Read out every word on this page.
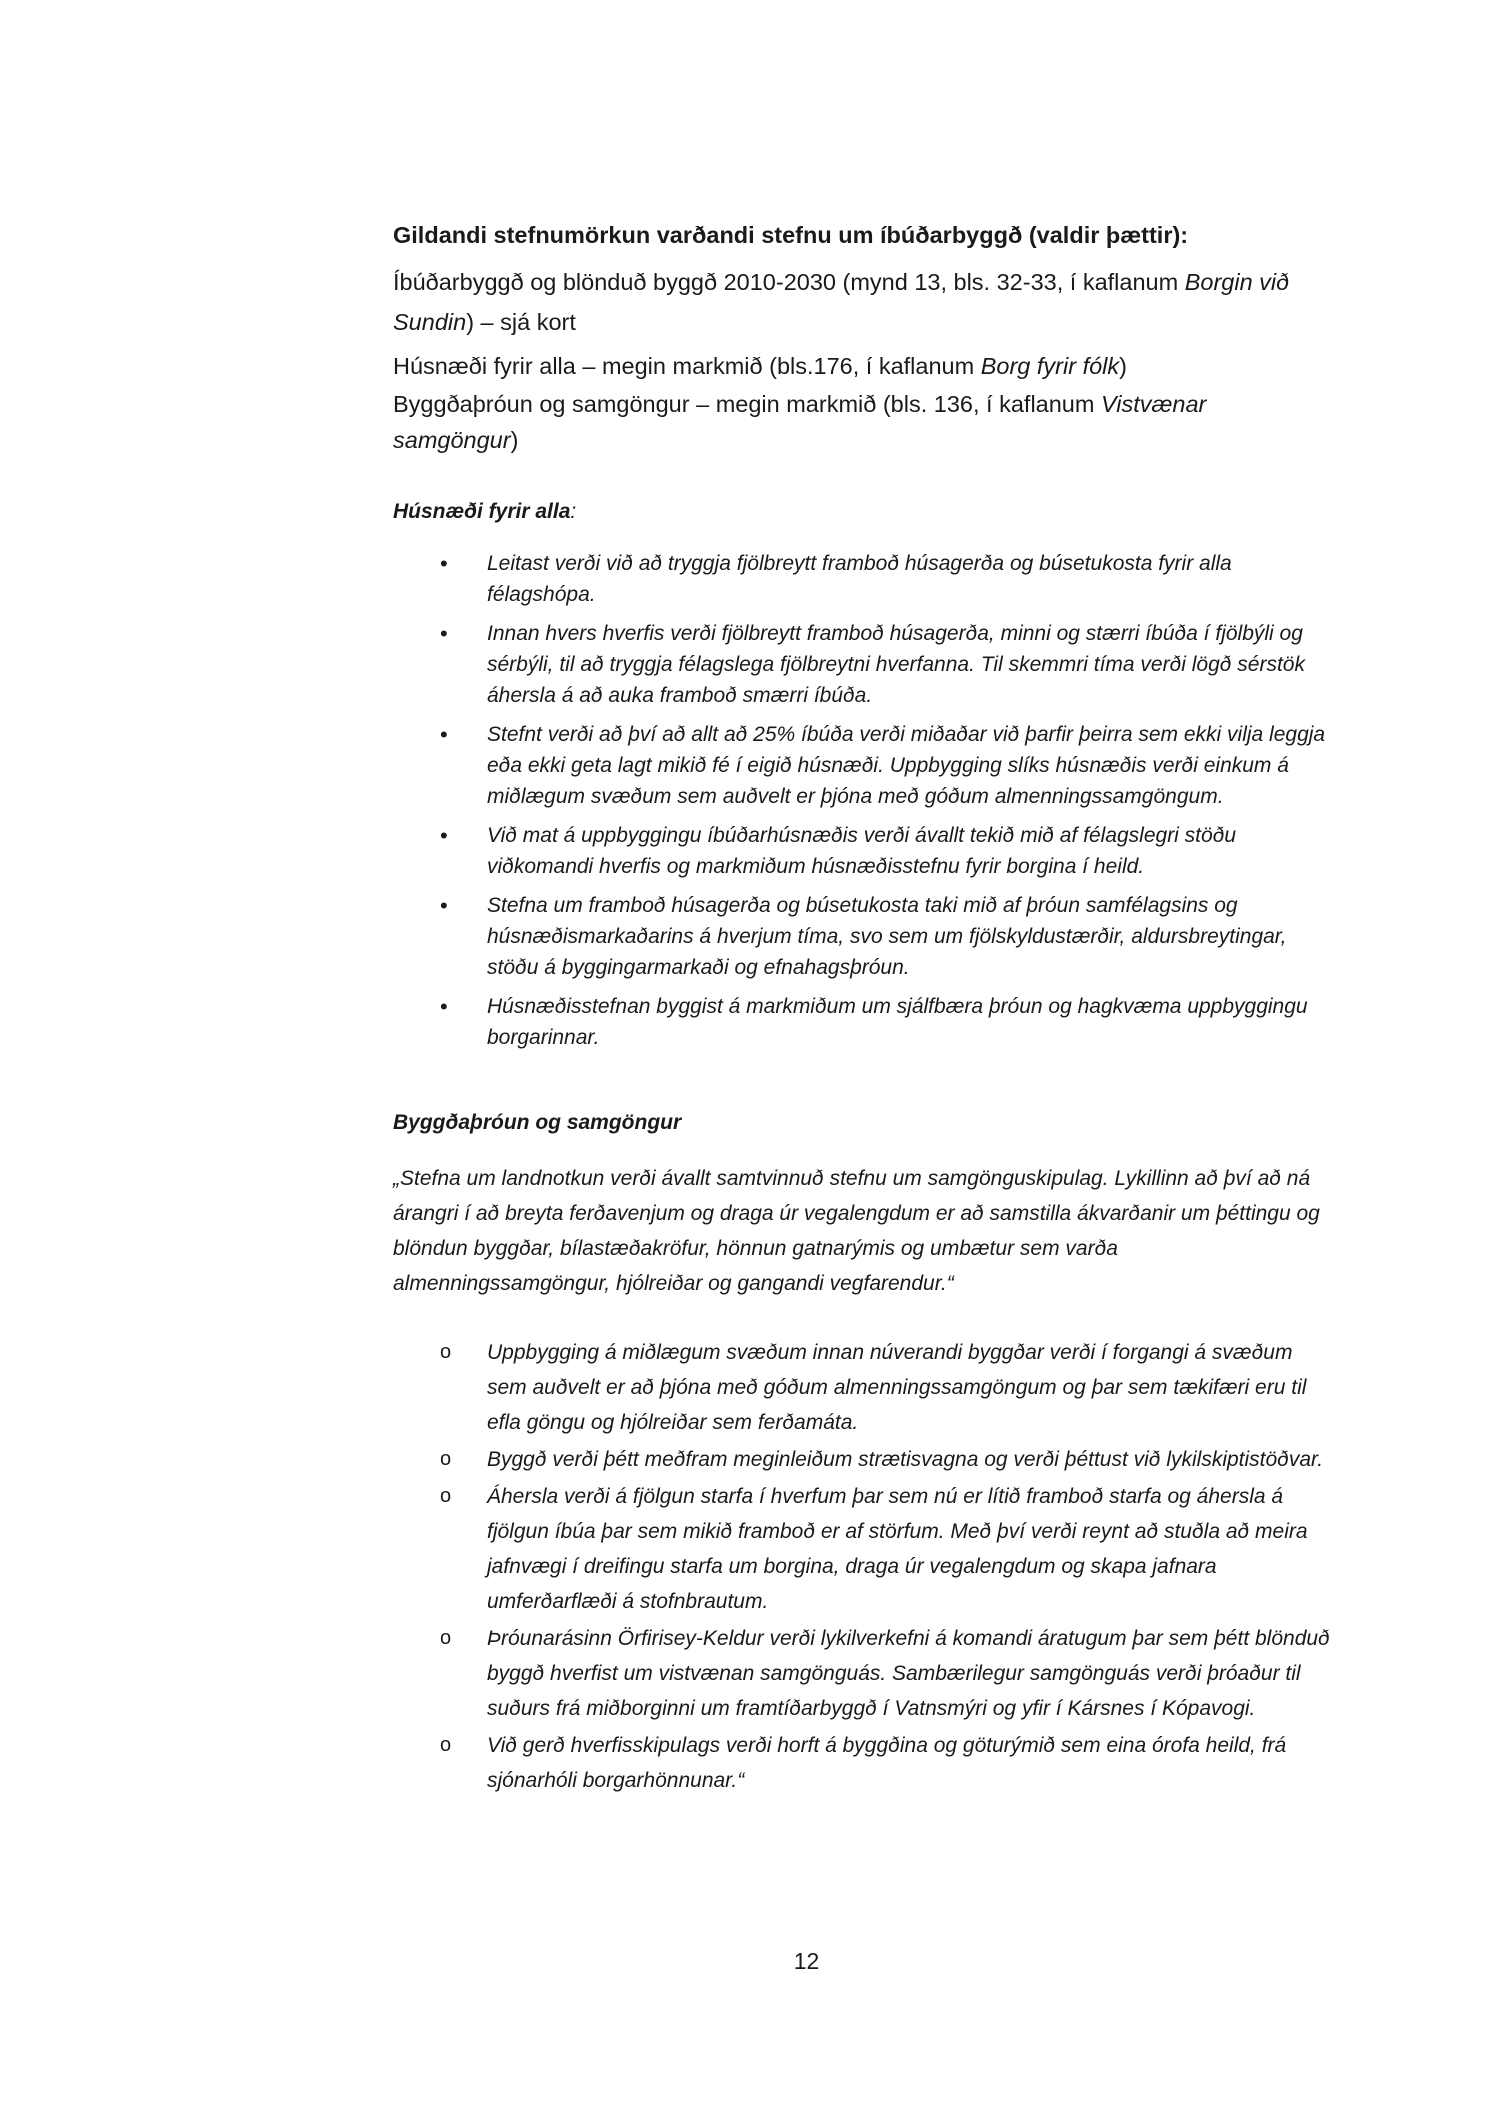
Gildandi stefnumörkun varðandi stefnu um íbúðarbyggð (valdir þættir):

Íbúðarbyggð og blönduð byggð 2010-2030 (mynd 13, bls. 32-33, í kaflanum Borgin við Sundin) – sjá kort

Húsnæði fyrir alla – megin markmið (bls.176, í kaflanum Borg fyrir fólk)

Byggðaþróun og samgöngur – megin markmið (bls. 136, í kaflanum Vistvænar samgöngur)

Húsnæði fyrir alla:

• Leitast verði við að tryggja fjölbreytt framboð húsagerða og búsetukosta fyrir alla félagshópa.
• Innan hvers hverfis verði fjölbreytt framboð húsagerða, minni og stærri íbúða í fjölbýli og sérbýli, til að tryggja félagslega fjölbreytni hverfanna. Til skemmri tíma verði lögð sérstök áhersla á að auka framboð smærri íbúða.
• Stefnt verði að því að allt að 25% íbúða verði miðaðar við þarfir þeirra sem ekki vilja leggja eða ekki geta lagt mikið fé í eigið húsnæði. Uppbygging slíks húsnæðis verði einkum á miðlægum svæðum sem auðvelt er þjóna með góðum almenningssamgöngum.
• Við mat á uppbyggingu íbúðarhúsnæðis verði ávallt tekið mið af félagslegri stöðu viðkomandi hverfis og markmiðum húsnæðisstefnu fyrir borgina í heild.
• Stefna um framboð húsagerða og búsetukosta taki mið af þróun samfélagsins og húsnæðismarkaðarins á hverjum tíma, svo sem um fjölskyldustærðir, aldursbreytingar, stöðu á byggingarmarkaði og efnahagsþróun.
• Húsnæðisstefnan byggist á markmiðum um sjálfbæra þróun og hagkvæma uppbyggingu borgarinnar.

Byggðaþróun og samgöngur

„Stefna um landnotkun verði ávallt samtvinnuð stefnu um samgönguskipulag. Lykillinn að því að ná árangri í að breyta ferðavenjum og draga úr vegalengdum er að samstilla ákvarðanir um þéttingu og blöndun byggðar, bílastæðakröfur, hönnun gatnarýmis og umbætur sem varða almenningssamgöngur, hjólreiðar og gangandi vegfarendur.“

o Uppbygging á miðlægum svæðum innan núverandi byggðar verði í forgangi á svæðum sem auðvelt er að þjóna með góðum almenningssamgöngum og þar sem tækifæri eru til efla göngu og hjólreiðar sem ferðamáta.
o Byggð verði þétt meðfram meginleiðum strætisvagna og verði þéttust við lykilskiptistöðvar.
o Áhersla verði á fjölgun starfa í hverfum þar sem nú er lítið framboð starfa og áhersla á fjölgun íbúa þar sem mikið framboð er af störfum. Með því verði reynt að stuðla að meira jafnvægi í dreifingu starfa um borgina, draga úr vegalengdum og skapa jafnara umferðarflæði á stofnbrautum.
o Þróunarásinn Örfirisey-Keldur verði lykilverkefni á komandi áratugum þar sem þétt blönduð byggð hverfist um vistvænan samgönguás. Sambærilegur samgönguás verði þróaður til suðurs frá miðborginni um framtíðarbyggð í Vatnsmýri og yfir í Kársnes í Kópavogi.
o Við gerð hverfisskipulags verði horft á byggðina og göturýmið sem eina órofa heild, frá sjónarhóli borgarhönnunar.“

12
